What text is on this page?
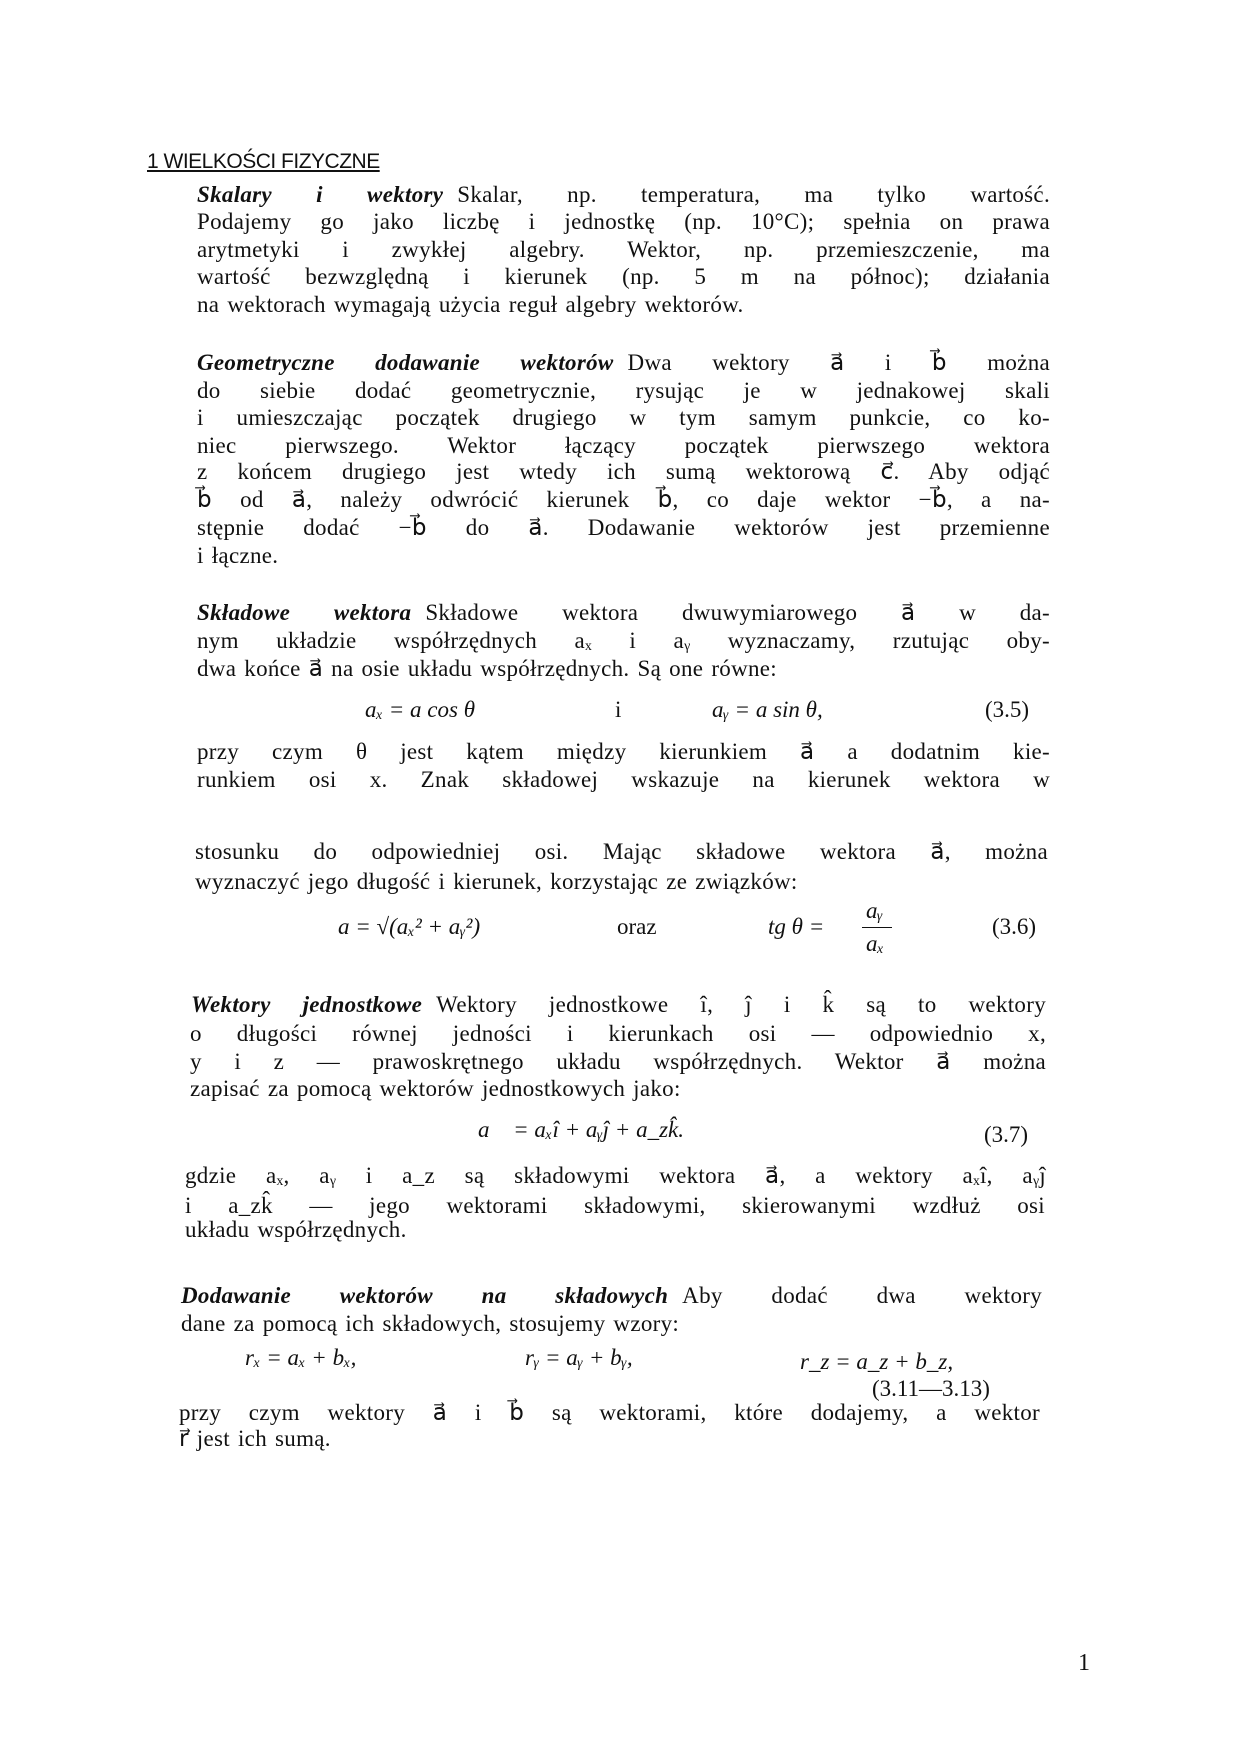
1 WIELKOŚCI FIZYCZNE
Skalary i wektory Skalar, np. temperatura, ma tylko wartość.
Podajemy go jako liczbę i jednostkę (np. 10°C); spełnia on prawa
arytmetyki i zwykłej algebry. Wektor, np. przemieszczenie, ma
wartość bezwzględną i kierunek (np. 5 m na północ); działania
na wektorach wymagają użycia reguł algebry wektorów.
Geometryczne dodawanie wektorów Dwa wektory a⃗ i b⃗ można
do siebie dodać geometrycznie, rysując je w jednakowej skali
i umieszczając początek drugiego w tym samym punkcie, co ko-
niec pierwszego. Wektor łączący początek pierwszego wektora
z końcem drugiego jest wtedy ich sumą wektorową c⃗. Aby odjąć
b⃗ od a⃗, należy odwrócić kierunek b⃗, co daje wektor −b⃗, a na-
stępnie dodać −b⃗ do a⃗. Dodawanie wektorów jest przemienne
i łączne.
Składowe wektora Składowe wektora dwuwymiarowego a⃗ w da-
nym układzie współrzędnych aₓ i aᵧ wyznaczamy, rzutując oby-
dwa końce a⃗ na osie układu współrzędnych. Są one równe:
przy czym θ jest kątem między kierunkiem a⃗ a dodatnim kie-
runkiem osi x. Znak składowej wskazuje na kierunek wektora w
stosunku do odpowiedniej osi. Mając składowe wektora a⃗, można
wyznaczyć jego długość i kierunek, korzystając ze związków:
Wektory jednostkowe Wektory jednostkowe î, ĵ i k̂ są to wektory
o długości równej jedności i kierunkach osi — odpowiednio x,
y i z — prawoskrętnego układu współrzędnych. Wektor a⃗ można
zapisać za pomocą wektorów jednostkowych jako:
gdzie aₓ, aᵧ i a_z są składowymi wektora a⃗, a wektory aₓî, aᵧĵ
i a_zk̂ — jego wektorami składowymi, skierowanymi wzdłuż osi
układu współrzędnych.
Dodawanie wektorów na składowych Aby dodać dwa wektory
dane za pomocą ich składowych, stosujemy wzory:
przy czym wektory a⃗ i b⃗ są wektorami, które dodajemy, a wektor
r⃗ jest ich sumą.
aₓ = a cos θ	i	aᵧ = a sin θ,	(3.5)
a = √(aₓ² + aᵧ²)	oraz	tg θ =
aᵧ
aₓ
(3.6)
a⃗ = aₓî + aᵧĵ + a_zk̂.	(3.7)
rₓ = aₓ + bₓ,	rᵧ = aᵧ + bᵧ,	r_z = a_z + b_z,
(3.11—3.13)
1
